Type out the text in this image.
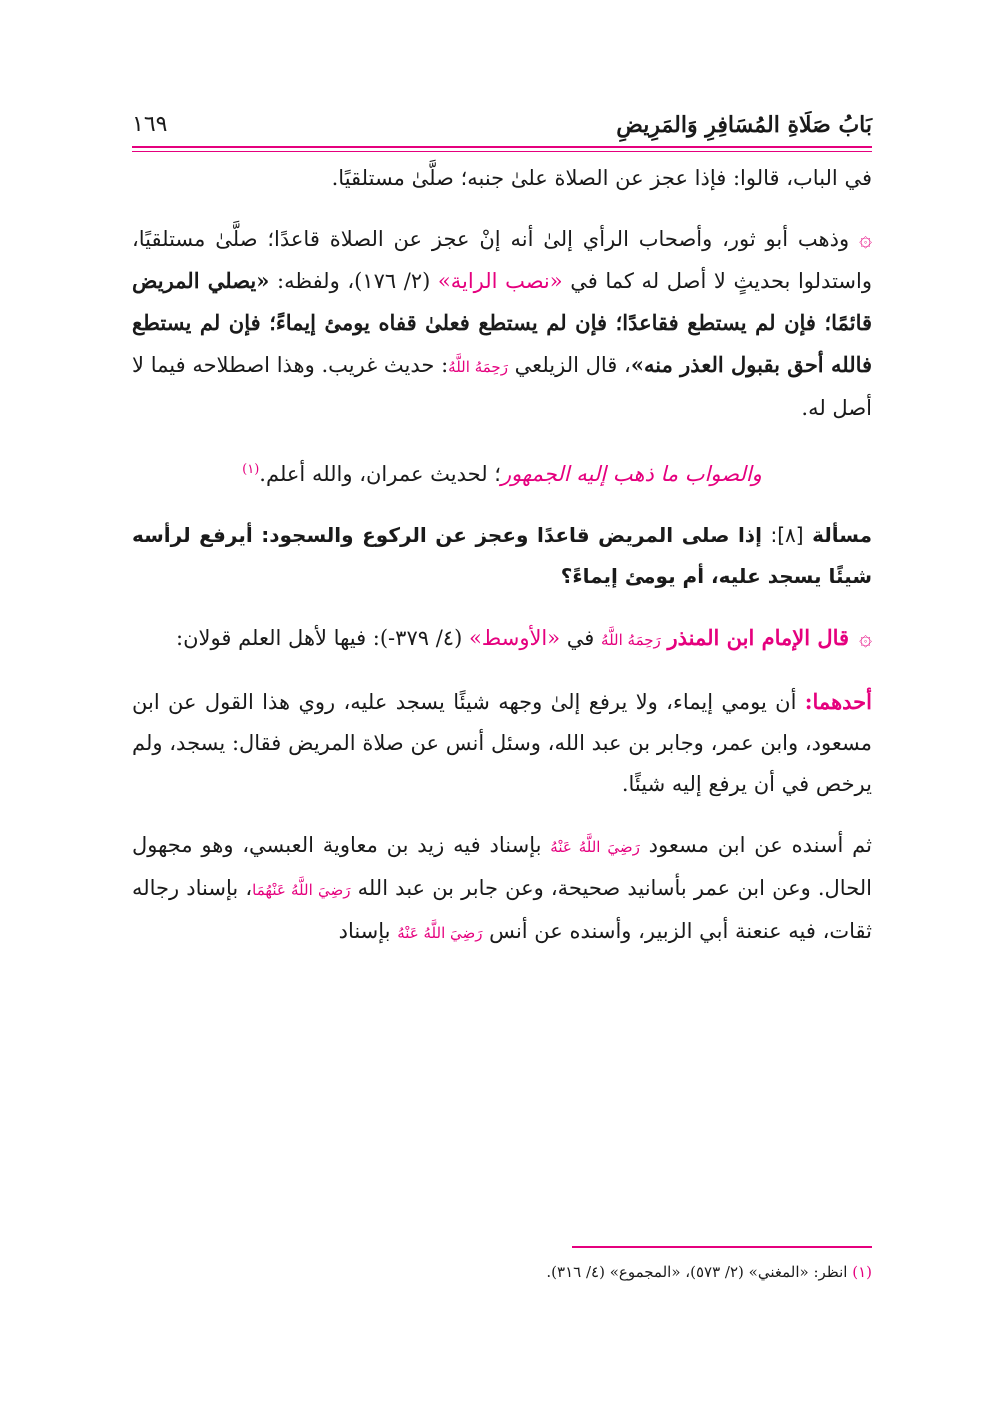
بَابُ صَلَاةِ المُسَافِرِ وَالمَرِيضِ
١٦٩

في الباب، قالوا: فإذا عجز عن الصلاة علىٰ جنبه؛ صلَّىٰ مستلقيًا.

۞وذهب أبو ثور، وأصحاب الرأي إلىٰ أنه إنْ عجز عن الصلاة قاعدًا؛ صلَّىٰ مستلقيًا، واستدلوا بحديثٍ لا أصل له كما في «نصب الراية» (٢/ ١٧٦)، ولفظه: «يصلي المريض قائمًا؛ فإن لم يستطع فقاعدًا؛ فإن لم يستطع فعلىٰ قفاه يومئ إيماءً؛ فإن لم يستطع فالله أحق بقبول العذر منه»، قال الزيلعي رَحِمَهُ اللَّهُ: حديث غريب. وهذا اصطلاحه فيما لا أصل له.

والصواب ما ذهب إليه الجمهور؛ لحديث عمران، والله أعلم.$^{(١)}$

مسألة [٨]: إذا صلى المريض قاعدًا وعجز عن الركوع والسجود: أيرفع لرأسه شيئًا يسجد عليه، أم يومئ إيماءً؟

۞قال الإمام ابن المنذر رَحِمَهُ اللَّهُ في «الأوسط» (٤/ ٣٧٩-): فيها لأهل العلم قولان:

أحدهما: أن يومي إيماء، ولا يرفع إلىٰ وجهه شيئًا يسجد عليه، روي هذا القول عن ابن مسعود، وابن عمر، وجابر بن عبد الله، وسئل أنس عن صلاة المريض فقال: يسجد، ولم يرخص في أن يرفع إليه شيئًا.

ثم أسنده عن ابن مسعود رَضِيَ اللَّهُ عَنْهُ بإسناد فيه زيد بن معاوية العبسي، وهو مجهول الحال. وعن ابن عمر بأسانيد صحيحة، وعن جابر بن عبد الله رَضِيَ اللَّهُ عَنْهُمَا، بإسناد رجاله ثقات، فيه عنعنة أبي الزبير، وأسنده عن أنس رَضِيَ اللَّهُ عَنْهُ بإسناد

(١) انظر: «المغني» (٢/ ٥٧٣)، «المجموع» (٤/ ٣١٦).
